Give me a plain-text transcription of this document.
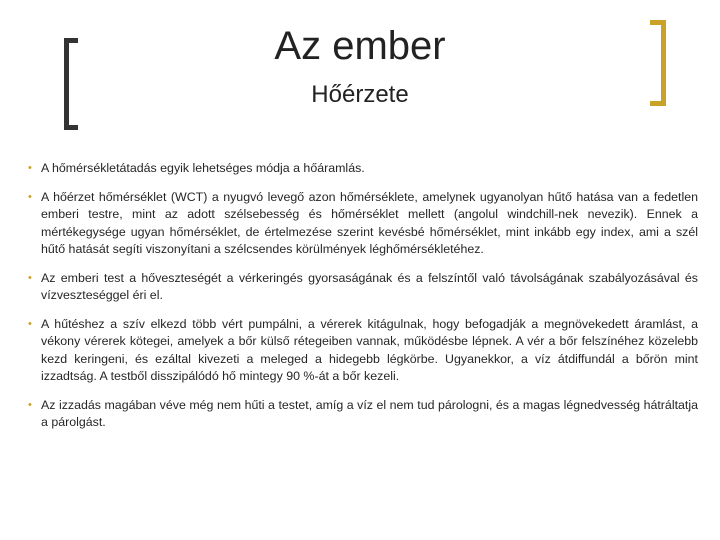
Az ember
Hőérzete
• A hőmérsékletátadás egyik lehetséges módja a hőáramlás.
• A hőérzet hőmérséklet (WCT) a nyugvó levegő azon hőmérséklete, amelynek ugyanolyan hűtő hatása van a fedetlen emberi testre, mint az adott szélsebesség és hőmérséklet mellett (angolul windchill-nek nevezik). Ennek a mértékegysége ugyan hőmérséklet, de értelmezése szerint kevésbé hőmérséklet, mint inkább egy index, ami a szél hűtő hatását segíti viszonyítani a szélcsendes körülmények léghőmérsékletéhez.
• Az emberi test a hőveszteségét a vérkeringés gyorsaságának és a felszíntől való távolságának szabályozásával és vízveszteséggel éri el.
• A hűtéshez a szív elkezd több vért pumpálni, a vérerek kitágulnak, hogy befogadják a megnövekedett áramlást, a vékony vérerek kötegei, amelyek a bőr külső rétegeiben vannak, működésbe lépnek. A vér a bőr felszínéhez közelebb kezd keringeni, és ezáltal kivezeti a meleged a hidegebb légkörbe. Ugyanekkor, a víz átdiffundál a bőrön mint izzadtság. A testből disszipálódó hő mintegy 90 %-át a bőr kezeli.
• Az izzadás magában véve még nem hűti a testet, amíg a víz el nem tud párologni, és a magas légnedvesség hátráltatja a párolgást.
